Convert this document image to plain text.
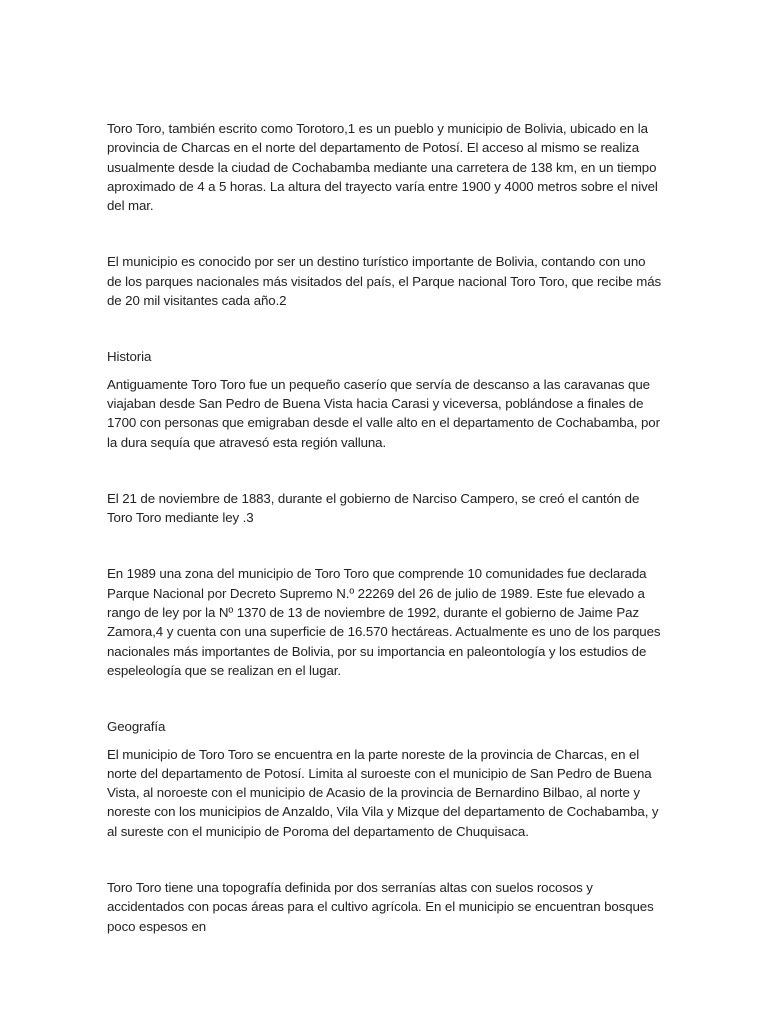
Toro Toro, también escrito como Torotoro,1 es un pueblo y municipio de Bolivia, ubicado en la provincia de Charcas en el norte del departamento de Potosí. El acceso al mismo se realiza usualmente desde la ciudad de Cochabamba mediante una carretera de 138 km, en un tiempo aproximado de 4 a 5 horas. La altura del trayecto varía entre 1900 y 4000 metros sobre el nivel del mar.

El municipio es conocido por ser un destino turístico importante de Bolivia, contando con uno de los parques nacionales más visitados del país, el Parque nacional Toro Toro, que recibe más de 20 mil visitantes cada año.2

Historia

Antiguamente Toro Toro fue un pequeño caserío que servía de descanso a las caravanas que viajaban desde San Pedro de Buena Vista hacia Carasi y viceversa, poblándose a finales de 1700 con personas que emigraban desde el valle alto en el departamento de Cochabamba, por la dura sequía que atravesó esta región valluna.

El 21 de noviembre de 1883, durante el gobierno de Narciso Campero, se creó el cantón de Toro Toro mediante ley .3

En 1989 una zona del municipio de Toro Toro que comprende 10 comunidades fue declarada Parque Nacional por Decreto Supremo N.º 22269 del 26 de julio de 1989. Este fue elevado a rango de ley por la Nº 1370 de 13 de noviembre de 1992, durante el gobierno de Jaime Paz Zamora,4 y cuenta con una superficie de 16.570 hectáreas. Actualmente es uno de los parques nacionales más importantes de Bolivia, por su importancia en paleontología y los estudios de espeleología que se realizan en el lugar.

Geografía

El municipio de Toro Toro se encuentra en la parte noreste de la provincia de Charcas, en el norte del departamento de Potosí. Limita al suroeste con el municipio de San Pedro de Buena Vista, al noroeste con el municipio de Acasio de la provincia de Bernardino Bilbao, al norte y noreste con los municipios de Anzaldo, Vila Vila y Mizque del departamento de Cochabamba, y al sureste con el municipio de Poroma del departamento de Chuquisaca.

Toro Toro tiene una topografía definida por dos serranías altas con suelos rocosos y accidentados con pocas áreas para el cultivo agrícola. En el municipio se encuentran bosques poco espesos en
